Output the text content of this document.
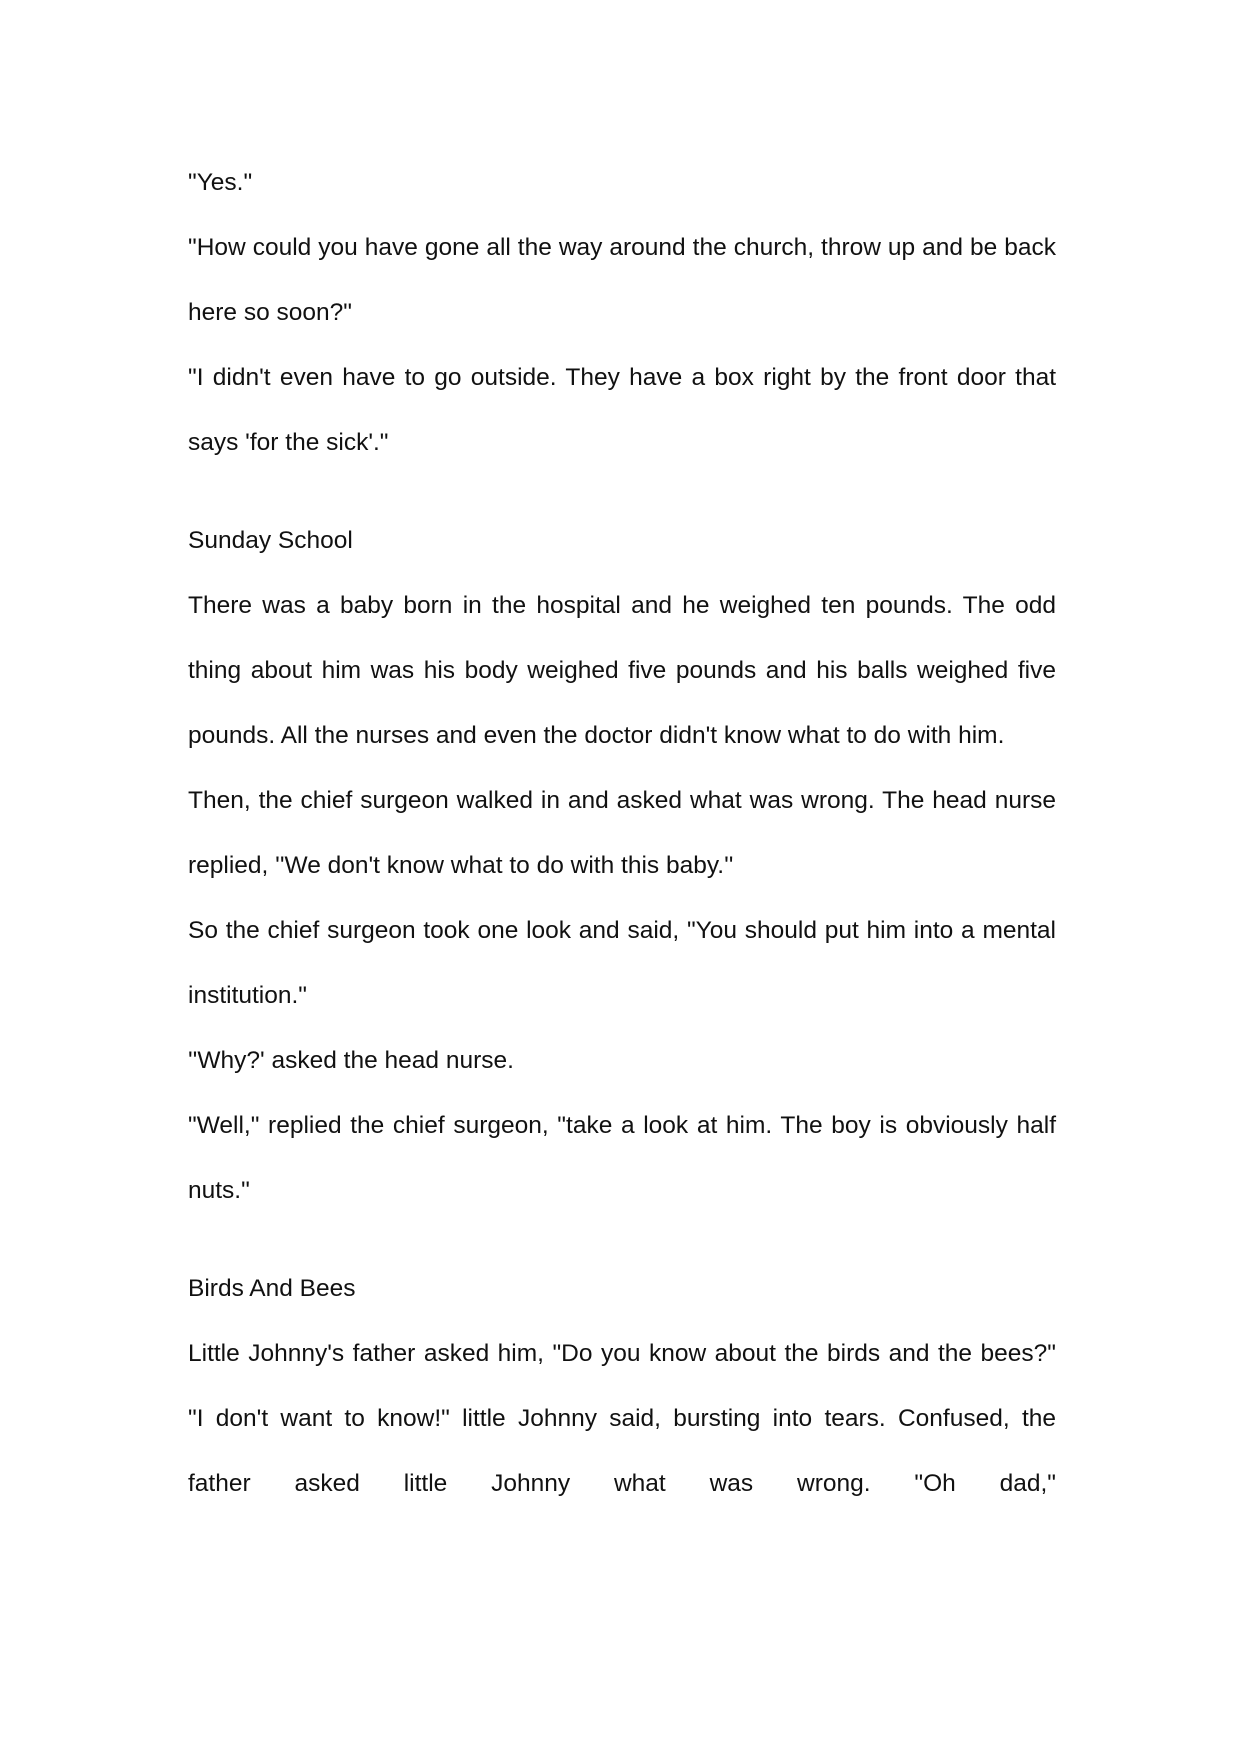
"Yes."

"How could you have gone all the way around the church, throw up and be back here so soon?"

"I didn't even have to go outside. They have a box right by the front door that says 'for the sick'."

Sunday School

There was a baby born in the hospital and he weighed ten pounds. The odd thing about him was his body weighed five pounds and his balls weighed five pounds. All the nurses and even the doctor didn't know what to do with him.

Then, the chief surgeon walked in and asked what was wrong. The head nurse replied, ''We don't know what to do with this baby.''

So the chief surgeon took one look and said, "You should put him into a mental institution."

''Why?' asked the head nurse.

"Well," replied the chief surgeon, "take a look at him. The boy is obviously half nuts."

Birds And Bees

Little Johnny's father asked him, "Do you know about the birds and the bees?" "I don't want to know!" little Johnny said, bursting into tears. Confused, the father asked little Johnny what was wrong. "Oh dad,"
